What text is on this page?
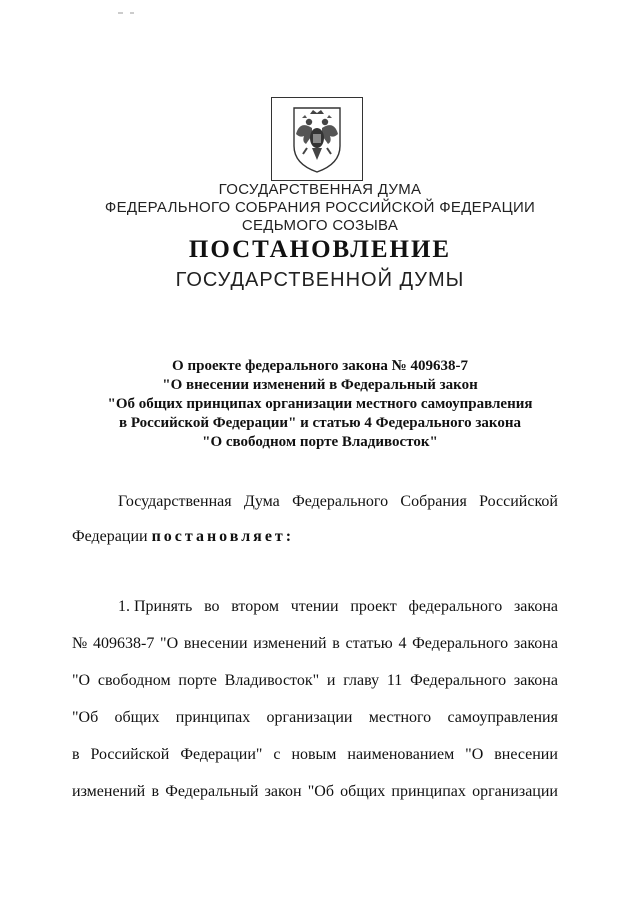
ГОСУДАРСТВЕННАЯ ДУМА
ФЕДЕРАЛЬНОГО СОБРАНИЯ РОССИЙСКОЙ ФЕДЕРАЦИИ
СЕДЬМОГО СОЗЫВА
ПОСТАНОВЛЕНИЕ
ГОСУДАРСТВЕННОЙ ДУМЫ
О проекте федерального закона № 409638-7
"О внесении изменений в Федеральный закон
"Об общих принципах организации местного самоуправления
в Российской Федерации" и статью 4 Федерального закона
"О свободном порте Владивосток"
Государственная Дума Федерального Собрания Российской
Федерации постановляет:
1. Принять во втором чтении проект федерального закона
№ 409638-7 "О внесении изменений в статью 4 Федерального закона
"О свободном порте Владивосток" и главу 11 Федерального закона
"Об общих принципах организации местного самоуправления
в Российской Федерации" с новым наименованием "О внесении
изменений в Федеральный закон "Об общих принципах организации
